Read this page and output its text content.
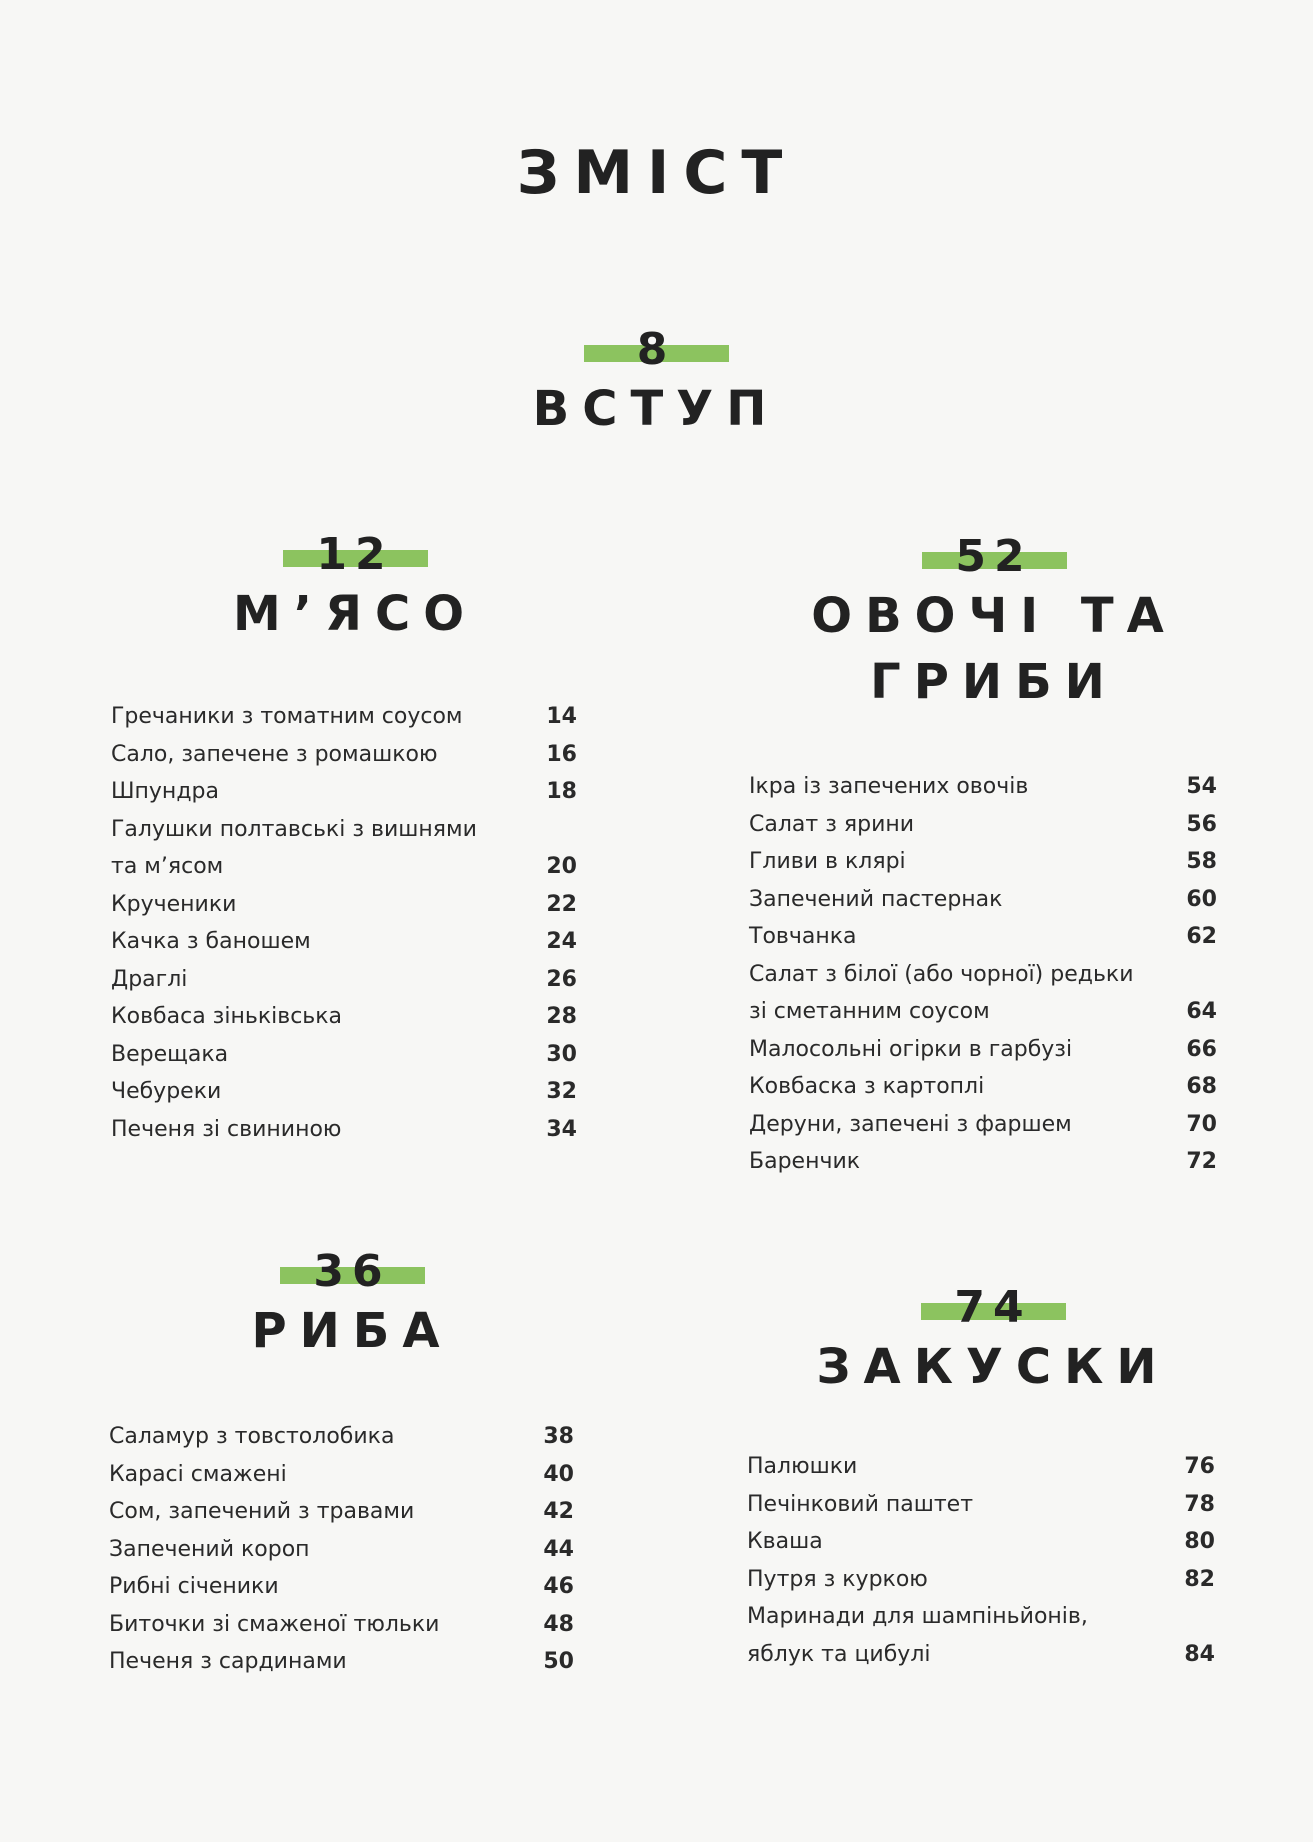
ЗМІСТ
8
ВСТУП
12
М’ЯСО
Гречаники з томатним соусом	14
Сало, запечене з ромашкою	16
Шпундра	18
Галушки полтавські з вишнями
та м’ясом	20
Крученики	22
Качка з баношем	24
Драглі	26
Ковбаса зіньківська	28
Верещака	30
Чебуреки	32
Печеня зі свининою	34
52
ОВОЧІ ТА
ГРИБИ
Ікра із запечених овочів	54
Салат з ярини	56
Гливи в клярі	58
Запечений пастернак	60
Товчанка	62
Салат з білої (або чорної) редьки
зі сметанним соусом	64
Малосольні огірки в гарбузі	66
Ковбаска з картоплі	68
Деруни, запечені з фаршем	70
Баренчик	72
36
РИБА
Саламур з товстолобика	38
Карасі смажені	40
Сом, запечений з травами	42
Запечений короп	44
Рибні січеники	46
Биточки зі смаженої тюльки	48
Печеня з сардинами	50
74
ЗАКУСКИ
Палюшки	76
Печінковий паштет	78
Кваша	80
Путря з куркою	82
Маринади для шампіньйонів,
яблук та цибулі	84
